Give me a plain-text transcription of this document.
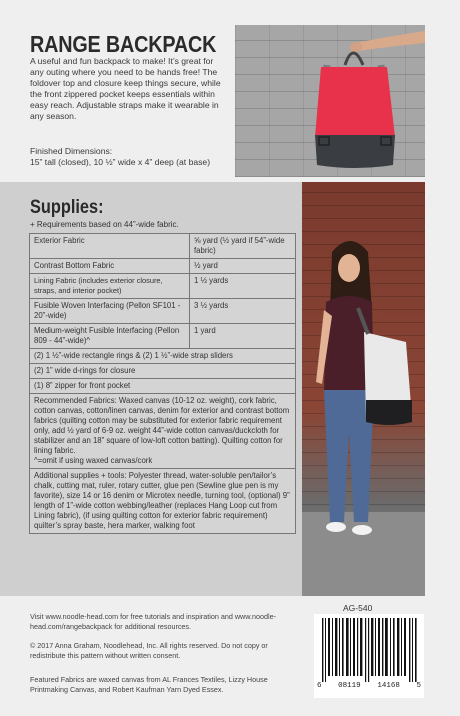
RANGE BACKPACK
A useful and fun backpack to make! It’s great for any outing where you need to be hands free! The foldover top and closure keep things secure, while the front zippered pocket keeps essentials within easy reach. Adjustable straps make it wearable in any season.
Finished Dimensions:
15” tall (closed), 10 ½” wide x 4” deep (at base)
Supplies:
+ Requirements based on 44”-wide fabric.
Exterior Fabric	⅝ yard (½ yard if 54”-wide fabric)
Contrast Bottom Fabric	½ yard
Lining Fabric (includes exterior closure, straps, and interior pocket)	1 ½ yards
Fusible Woven Interfacing (Pellon SF101 - 20”-wide)	3 ½ yards
Medium-weight Fusible Interfacing (Pellon 809 - 44”-wide)^	1 yard
(2) 1 ½”-wide rectangle rings & (2) 1 ½”-wide strap sliders	
(2) 1” wide d-rings for closure	
(1) 8” zipper for front pocket	

Recommended Fabrics: Waxed canvas (10-12 oz. weight), cork fabric, cotton canvas, cotton/linen canvas, denim for exterior and contrast bottom fabrics (quilting cotton may be substituted for exterior fabric requirement only, add ½ yard of 6-9 oz. weight 44”-wide cotton canvas/duckcloth for stabilizer and an 18” square of low-loft cotton batting). Quilting cotton for lining fabric.
^=omit if using waxed canvas/cork	

Additional supplies + tools: Polyester thread, water-soluble pen/tailor’s chalk, cutting mat, ruler, rotary cutter, glue pen (Sewline glue pen is my favorite), size 14 or 16 denim or Microtex needle, turning tool, (optional) 9” length of 1”-wide cotton webbing/leather (replaces Hang Loop cut from Lining fabric), (if using quilting cotton for exterior fabric requirement) quilter’s spray baste, hera marker, walking foot	
Visit www.noodle-head.com for free tutorials and inspiration and www.noodle-head.com/rangebackpack for additional resources.
© 2017 Anna Graham, Noodlehead, Inc. All rights reserved. Do not copy or redistribute this pattern without written consent.
Featured Fabrics are waxed canvas from AL Frances Textiles, Lizzy House Printmaking Canvas, and Robert Kaufman Yarn Dyed Essex.
AG-540
6 08119 14168 5
